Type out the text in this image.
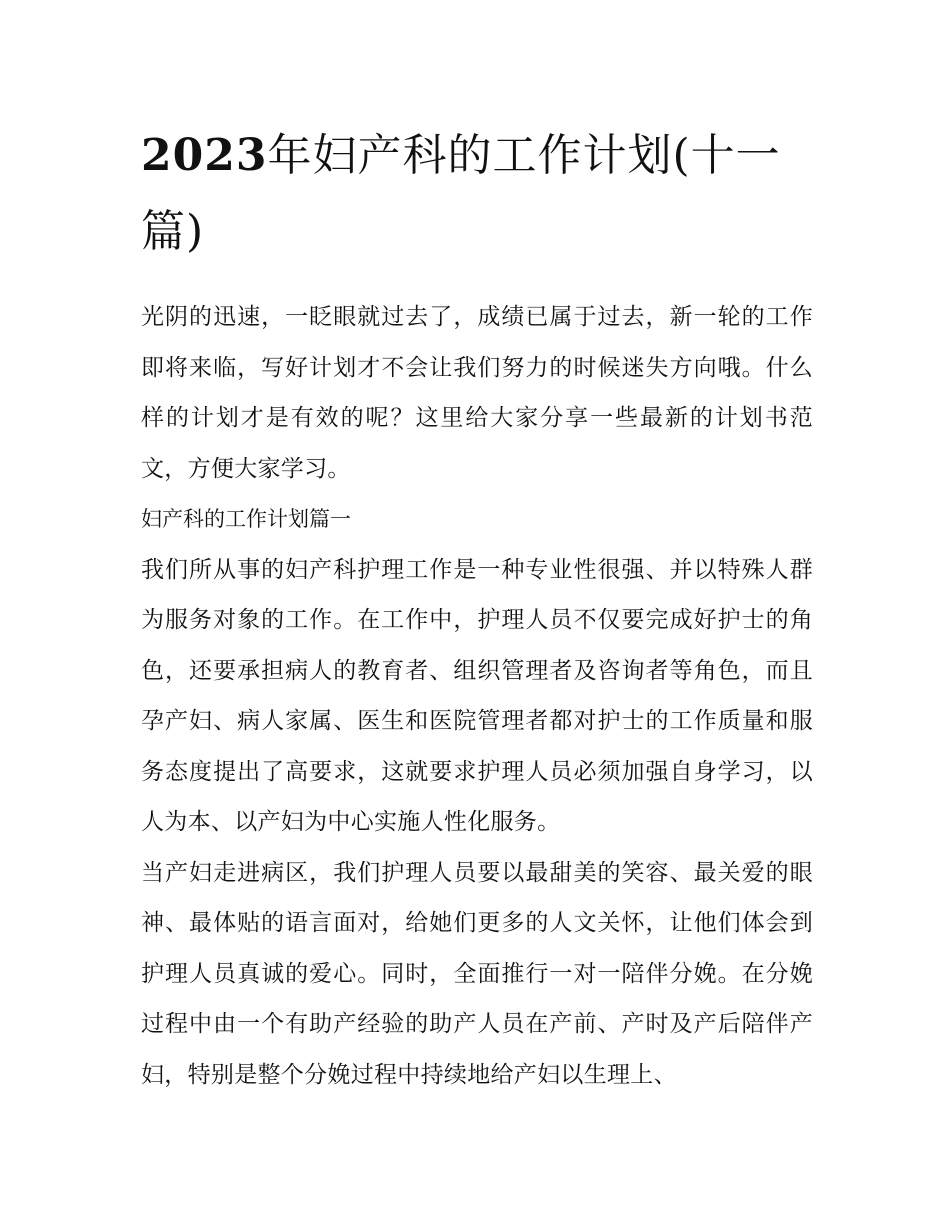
2023年妇产科的工作计划(十一篇)

光阴的迅速，一眨眼就过去了，成绩已属于过去，新一轮的工作即将来临，写好计划才不会让我们努力的时候迷失方向哦。什么样的计划才是有效的呢？这里给大家分享一些最新的计划书范文，方便大家学习。

妇产科的工作计划篇一

我们所从事的妇产科护理工作是一种专业性很强、并以特殊人群为服务对象的工作。在工作中，护理人员不仅要完成好护士的角色，还要承担病人的教育者、组织管理者及咨询者等角色，而且孕产妇、病人家属、医生和医院管理者都对护士的工作质量和服务态度提出了高要求，这就要求护理人员必须加强自身学习，以人为本、以产妇为中心实施人性化服务。

当产妇走进病区，我们护理人员要以最甜美的笑容、最关爱的眼神、最体贴的语言面对，给她们更多的人文关怀，让他们体会到护理人员真诚的爱心。同时，全面推行一对一陪伴分娩。在分娩过程中由一个有助产经验的助产人员在产前、产时及产后陪伴产妇，特别是整个分娩过程中持续地给产妇以生理上、
